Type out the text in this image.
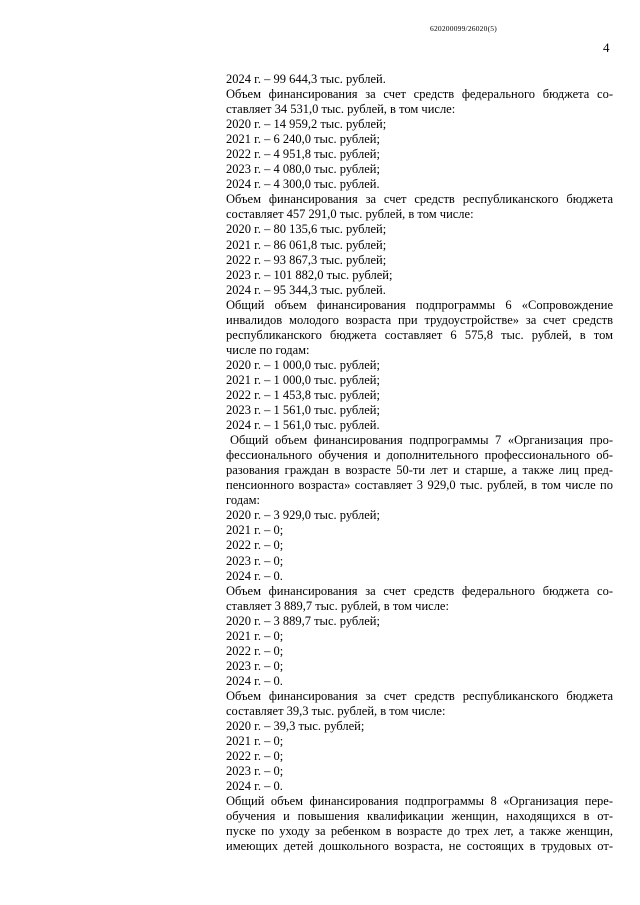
620200099/26020(5)
4
2024 г. – 99 644,3 тыс. рублей.
Объем финансирования за счет средств федерального бюджета со-
ставляет 34 531,0 тыс. рублей, в том числе:
2020 г. – 14 959,2 тыс. рублей;
2021 г. – 6 240,0 тыс. рублей;
2022 г. – 4 951,8 тыс. рублей;
2023 г. – 4 080,0 тыс. рублей;
2024 г. – 4 300,0 тыс. рублей.
Объем финансирования за счет средств республиканского бюджета
составляет 457 291,0 тыс. рублей, в том числе:
2020 г. – 80 135,6 тыс. рублей;
2021 г. – 86 061,8 тыс. рублей;
2022 г. – 93 867,3 тыс. рублей;
2023 г. – 101 882,0 тыс. рублей;
2024 г. – 95 344,3 тыс. рублей.
Общий объем финансирования подпрограммы 6 «Сопровождение
инвалидов молодого возраста при трудоустройстве» за счет средств
республиканского бюджета составляет 6 575,8 тыс. рублей, в том
числе по годам:
2020 г. – 1 000,0 тыс. рублей;
2021 г. – 1 000,0 тыс. рублей;
2022 г. – 1 453,8 тыс. рублей;
2023 г. – 1 561,0 тыс. рублей;
2024 г. – 1 561,0 тыс. рублей.
Общий объем финансирования подпрограммы 7 «Организация про-
фессионального обучения и дополнительного профессионального об-
разования граждан в возрасте 50-ти лет и старше, а также лиц пред-
пенсионного возраста» составляет 3 929,0 тыс. рублей, в том числе по
годам:
2020 г. – 3 929,0 тыс. рублей;
2021 г. – 0;
2022 г. – 0;
2023 г. – 0;
2024 г. – 0.
Объем финансирования за счет средств федерального бюджета со-
ставляет 3 889,7 тыс. рублей, в том числе:
2020 г. – 3 889,7 тыс. рублей;
2021 г. – 0;
2022 г. – 0;
2023 г. – 0;
2024 г. – 0.
Объем финансирования за счет средств республиканского бюджета
составляет 39,3 тыс. рублей, в том числе:
2020 г. – 39,3 тыс. рублей;
2021 г. – 0;
2022 г. – 0;
2023 г. – 0;
2024 г. – 0.
Общий объем финансирования подпрограммы 8 «Организация пере-
обучения и повышения квалификации женщин, находящихся в от-
пуске по уходу за ребенком в возрасте до трех лет, а также женщин,
имеющих детей дошкольного возраста, не состоящих в трудовых от-
